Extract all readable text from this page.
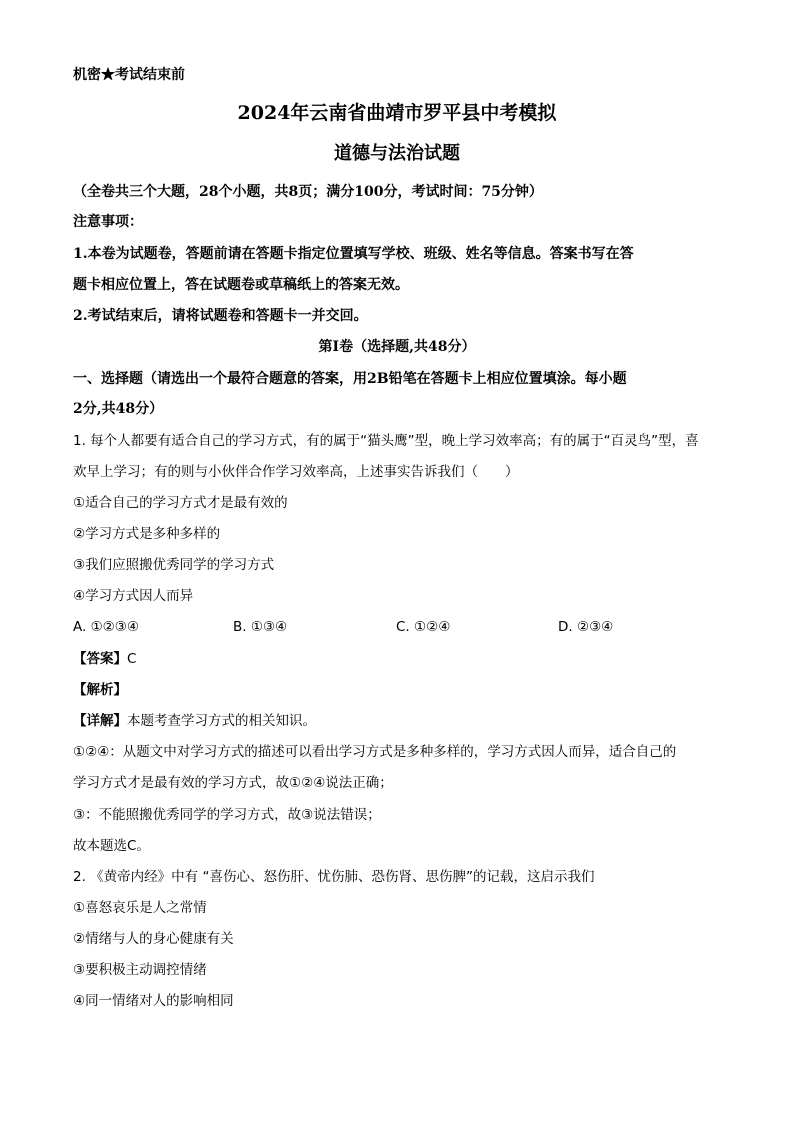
机密★考试结束前
2024年云南省曲靖市罗平县中考模拟
道德与法治试题
（全卷共三个大题，28个小题，共8页；满分100分，考试时间：75分钟）
注意事项：
1.本卷为试题卷，答题前请在答题卡指定位置填写学校、班级、姓名等信息。答案书写在答
题卡相应位置上，答在试题卷或草稿纸上的答案无效。
2.考试结束后，请将试题卷和答题卡一并交回。
第Ⅰ卷（选择题,共48分）
一、选择题（请选出一个最符合题意的答案，用2B铅笔在答题卡上相应位置填涂。每小题
2分,共48分）
1. 每个人都要有适合自己的学习方式，有的属于“猫头鹰”型，晚上学习效率高；有的属于“百灵鸟”型，喜
欢早上学习；有的则与小伙伴合作学习效率高，上述事实告诉我们（　　）
①适合自己的学习方式才是最有效的
②学习方式是多种多样的
③我们应照搬优秀同学的学习方式
④学习方式因人而异
A. ①②③④	B. ①③④	C. ①②④	D. ②③④
【答案】C
【解析】
【详解】本题考查学习方式的相关知识。
①②④：从题文中对学习方式的描述可以看出学习方式是多种多样的，学习方式因人而异，适合自己的
学习方式才是最有效的学习方式，故①②④说法正确；
③：不能照搬优秀同学的学习方式，故③说法错误；
故本题选C。
2. 《黄帝内经》中有 “喜伤心、怒伤肝、忧伤肺、恐伤肾、思伤脾”的记载，这启示我们
①喜怒哀乐是人之常情
②情绪与人的身心健康有关
③要积极主动调控情绪
④同一情绪对人的影响相同
